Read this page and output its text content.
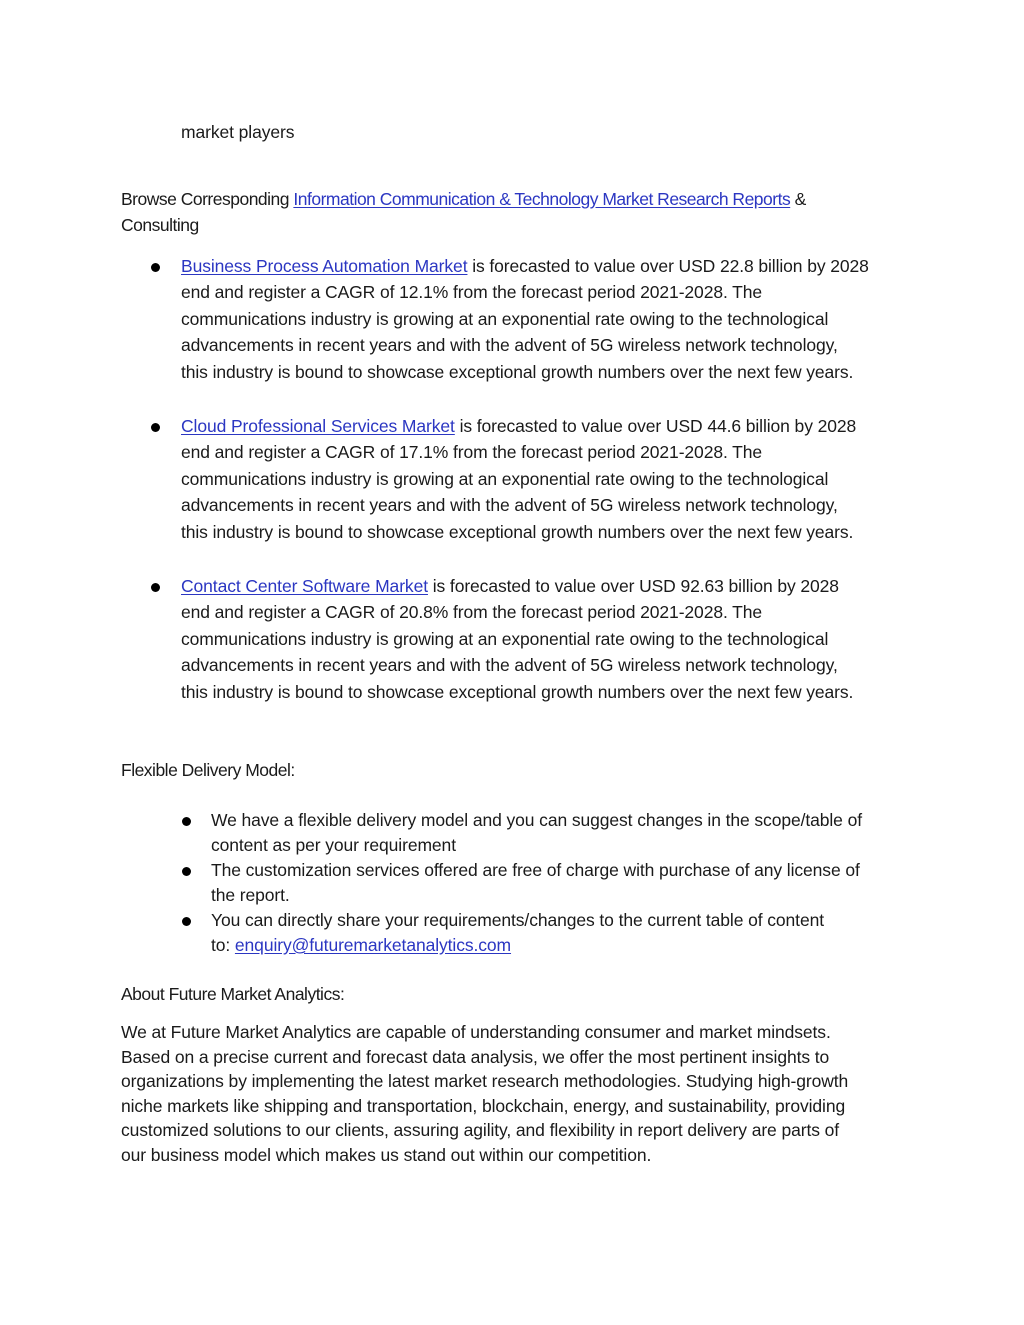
market players

Browse Corresponding Information Communication & Technology Market Research Reports &
Consulting

Business Process Automation Market is forecasted to value over USD 22.8 billion by 2028
end and register a CAGR of 12.1% from the forecast period 2021-2028. The
communications industry is growing at an exponential rate owing to the technological
advancements in recent years and with the advent of 5G wireless network technology,
this industry is bound to showcase exceptional growth numbers over the next few years.

Cloud Professional Services Market is forecasted to value over USD 44.6 billion by 2028
end and register a CAGR of 17.1% from the forecast period 2021-2028. The
communications industry is growing at an exponential rate owing to the technological
advancements in recent years and with the advent of 5G wireless network technology,
this industry is bound to showcase exceptional growth numbers over the next few years.

Contact Center Software Market is forecasted to value over USD 92.63 billion by 2028
end and register a CAGR of 20.8% from the forecast period 2021-2028. The
communications industry is growing at an exponential rate owing to the technological
advancements in recent years and with the advent of 5G wireless network technology,
this industry is bound to showcase exceptional growth numbers over the next few years.

Flexible Delivery Model:

We have a flexible delivery model and you can suggest changes in the scope/table of
content as per your requirement

The customization services offered are free of charge with purchase of any license of
the report.

You can directly share your requirements/changes to the current table of content
to: enquiry@futuremarketanalytics.com

About Future Market Analytics:

We at Future Market Analytics are capable of understanding consumer and market mindsets.
Based on a precise current and forecast data analysis, we offer the most pertinent insights to
organizations by implementing the latest market research methodologies. Studying high-growth
niche markets like shipping and transportation, blockchain, energy, and sustainability, providing
customized solutions to our clients, assuring agility, and flexibility in report delivery are parts of
our business model which makes us stand out within our competition.
